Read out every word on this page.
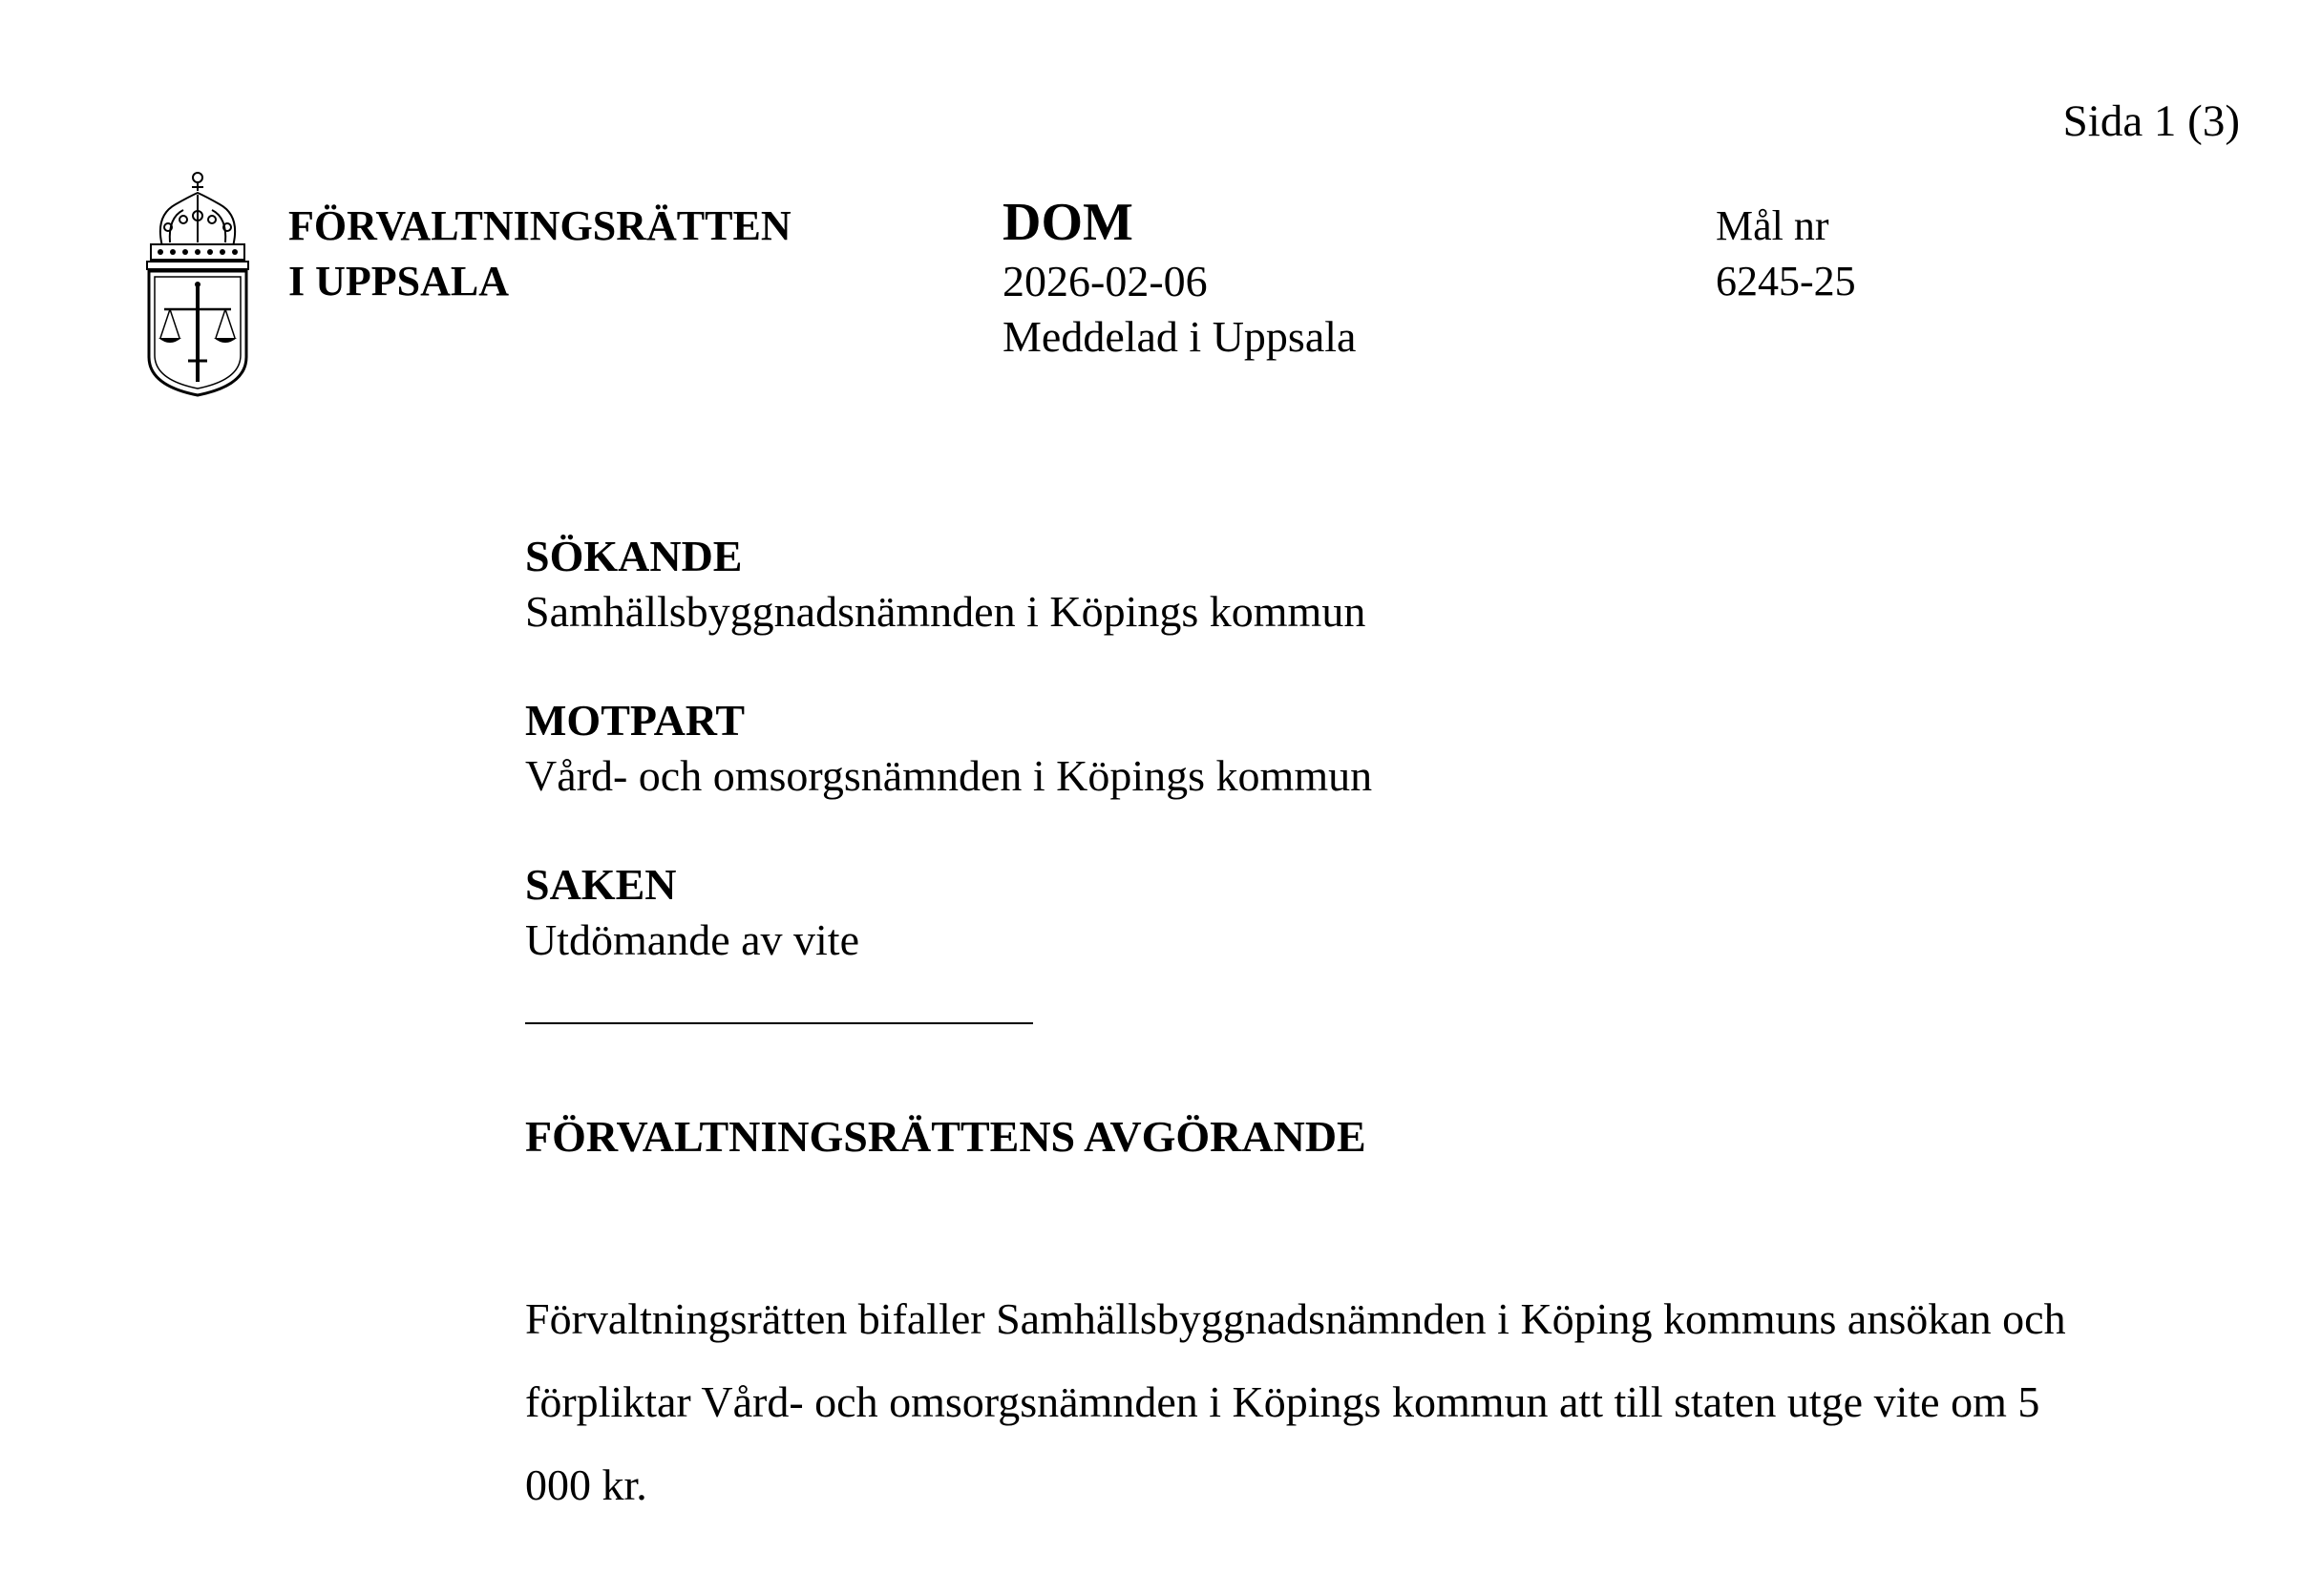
Sida 1 (3)
FÖRVALTNINGSRÄTTEN
I UPPSALA
DOM
2026-02-06
Meddelad i Uppsala
Mål nr
6245-25
SÖKANDE
Samhällsbyggnadsnämnden i Köpings kommun
MOTPART
Vård- och omsorgsnämnden i Köpings kommun
SAKEN
Utdömande av vite
FÖRVALTNINGSRÄTTENS AVGÖRANDE
Förvaltningsrätten bifaller Samhällsbyggnadsnämnden i Köping kommuns ansökan och förpliktar Vård- och omsorgsnämnden i Köpings kommun att till staten utge vite om 5 000 kr.
